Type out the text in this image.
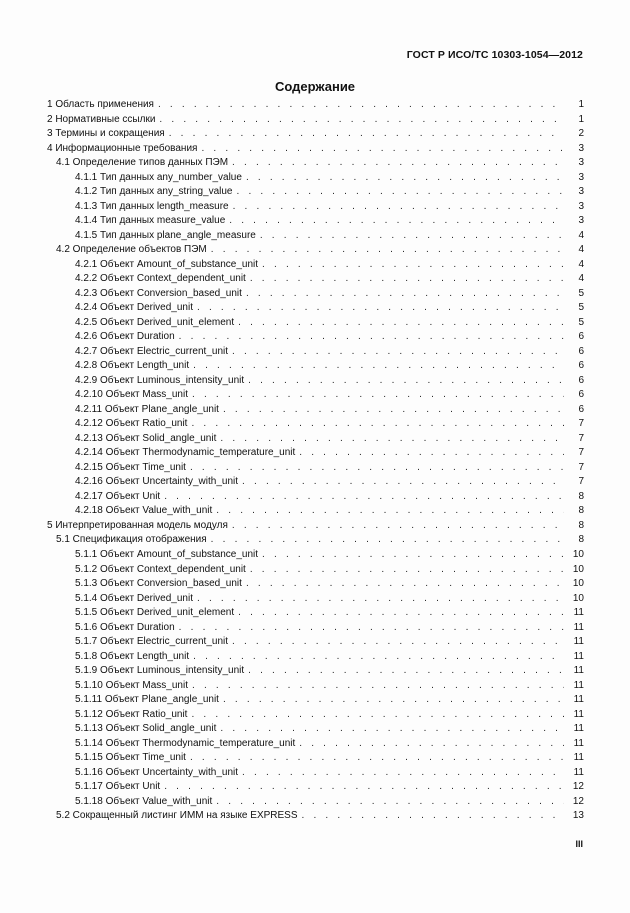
ГОСТ Р ИСО/ТС 10303-1054—2012
Содержание
1 Область применения . . .	1
2 Нормативные ссылки . . .	1
3 Термины и сокращения . . .	2
4 Информационные требования . . .	3
4.1 Определение типов данных ПЭМ . . .	3
4.1.1 Тип данных any_number_value . . .	3
4.1.2 Тип данных any_string_value . . .	3
4.1.3 Тип данных length_measure . . .	3
4.1.4 Тип данных measure_value . . .	3
4.1.5 Тип данных plane_angle_measure . . .	4
4.2 Определение объектов ПЭМ . . .	4
4.2.1 Объект Amount_of_substance_unit . . .	4
4.2.2 Объект Context_dependent_unit . . .	4
4.2.3 Объект Conversion_based_unit . . .	5
4.2.4 Объект Derived_unit . . .	5
4.2.5 Объект Derived_unit_element . . .	5
4.2.6 Объект Duration . . .	6
4.2.7 Объект Electric_current_unit . . .	6
4.2.8 Объект Length_unit . . .	6
4.2.9 Объект Luminous_intensity_unit . . .	6
4.2.10 Объект Mass_unit . . .	6
4.2.11 Объект Plane_angle_unit . . .	6
4.2.12 Объект Ratio_unit . . .	7
4.2.13 Объект Solid_angle_unit . . .	7
4.2.14 Объект Thermodynamic_temperature_unit . . .	7
4.2.15 Объект Time_unit . . .	7
4.2.16 Объект Uncertainty_with_unit . . .	7
4.2.17 Объект Unit . . .	8
4.2.18 Объект Value_with_unit . . .	8
5 Интерпретированная модель модуля . . .	8
5.1 Спецификация отображения . . .	8
5.1.1 Объект Amount_of_substance_unit . . .	10
5.1.2 Объект Context_dependent_unit . . .	10
5.1.3 Объект Conversion_based_unit . . .	10
5.1.4 Объект Derived_unit . . .	10
5.1.5 Объект Derived_unit_element . . .	11
5.1.6 Объект Duration . . .	11
5.1.7 Объект Electric_current_unit . . .	11
5.1.8 Объект Length_unit . . .	11
5.1.9 Объект Luminous_intensity_unit . . .	11
5.1.10 Объект Mass_unit . . .	11
5.1.11 Объект Plane_angle_unit . . .	11
5.1.12 Объект Ratio_unit . . .	11
5.1.13 Объект Solid_angle_unit . . .	11
5.1.14 Объект Thermodynamic_temperature_unit . . .	11
5.1.15 Объект Time_unit . . .	11
5.1.16 Объект Uncertainty_with_unit . . .	11
5.1.17 Объект Unit . . .	12
5.1.18 Объект Value_with_unit . . .	12
5.2 Сокращенный листинг ИММ на языке EXPRESS . . .	13
III
